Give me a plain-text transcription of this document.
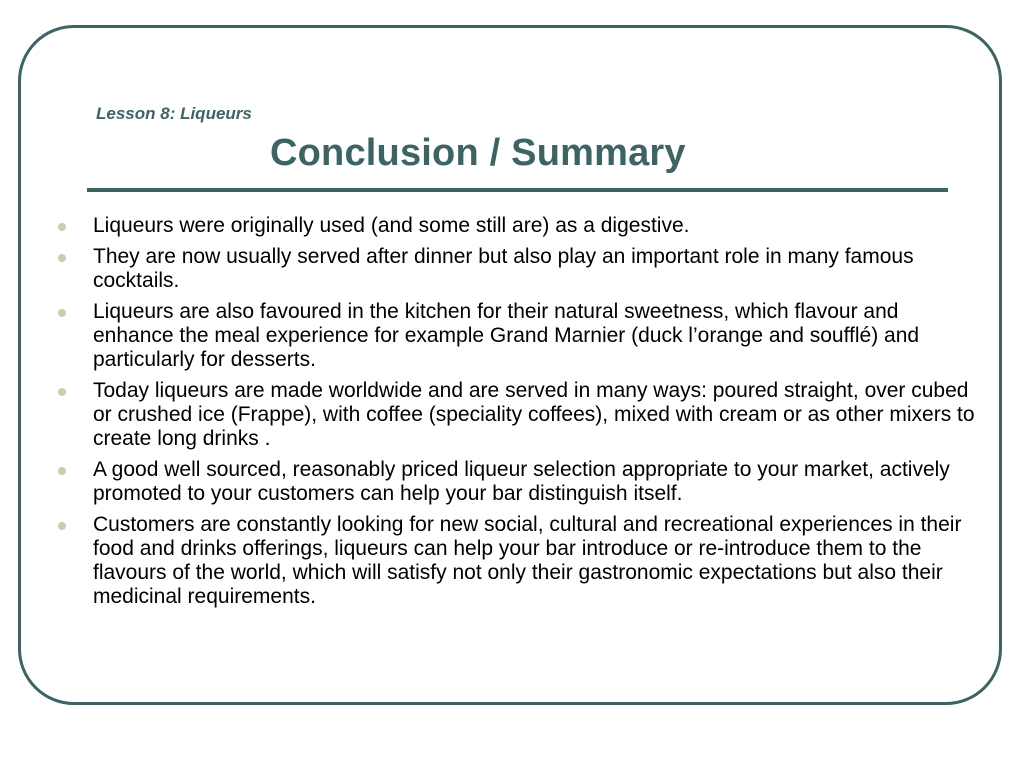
Lesson 8: Liqueurs
Conclusion / Summary
Liqueurs were originally used (and some still are) as a digestive.
They are now usually served after dinner but also play an important role in many famous cocktails.
Liqueurs are also favoured in the kitchen for their natural sweetness, which flavour and enhance the meal experience for example Grand Marnier (duck l’orange and soufflé) and particularly for desserts.
Today liqueurs are made worldwide and are served in many ways: poured straight, over cubed or crushed ice (Frappe), with coffee (speciality coffees), mixed with cream or as other mixers to create long drinks .
A good well sourced, reasonably priced liqueur selection appropriate to your market, actively promoted to your customers can help your bar distinguish itself.
Customers are constantly looking for new social, cultural and recreational experiences in their food and drinks offerings, liqueurs can help your bar introduce or re-introduce them to the flavours of the world, which will satisfy not only their gastronomic expectations but also their medicinal requirements.
